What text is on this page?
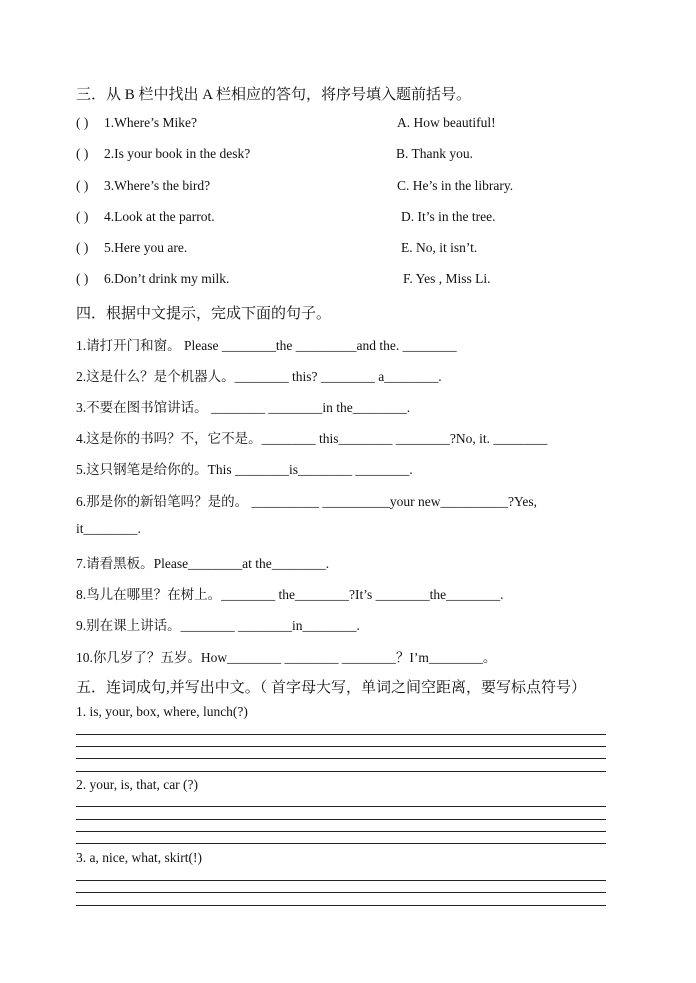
三．从 B 栏中找出 A 栏相应的答句，将序号填入题前括号。
( ) 1.Where’s Mike?	A. How beautiful!
( ) 2.Is your book in the desk?	B. Thank you.
( ) 3.Where’s the bird?	C. He’s in the library.
( ) 4.Look at the parrot.	D. It’s in the tree.
( ) 5.Here you are.	E. No, it isn’t.
( ) 6.Don’t drink my milk.	F. Yes , Miss Li.
四．根据中文提示，完成下面的句子。
1.请打开门和窗。 Please ________the _________and the. ________
2.这是什么？是个机器人。________ this? ________ a________.
3.不要在图书馆讲话。 ________ ________in the________.
4.这是你的书吗？不，它不是。________ this________ ________?No, it. ________
5.这只钢笔是给你的。This ________is________ ________.
6.那是你的新铅笔吗？是的。 __________ __________your new__________?Yes,
it________.
7.请看黑板。Please________at the________.
8.鸟儿在哪里？在树上。________ the________?It’s ________the________.
9.别在课上讲话。________ ________in________.
10.你几岁了？五岁。How________ ________ ________？I’m________。
五．连词成句,并写出中文。（ 首字母大写，单词之间空距离，要写标点符号）
1. is, your, box, where, lunch(?)
2. your, is, that, car (?)
3. a, nice, what, skirt(!)
